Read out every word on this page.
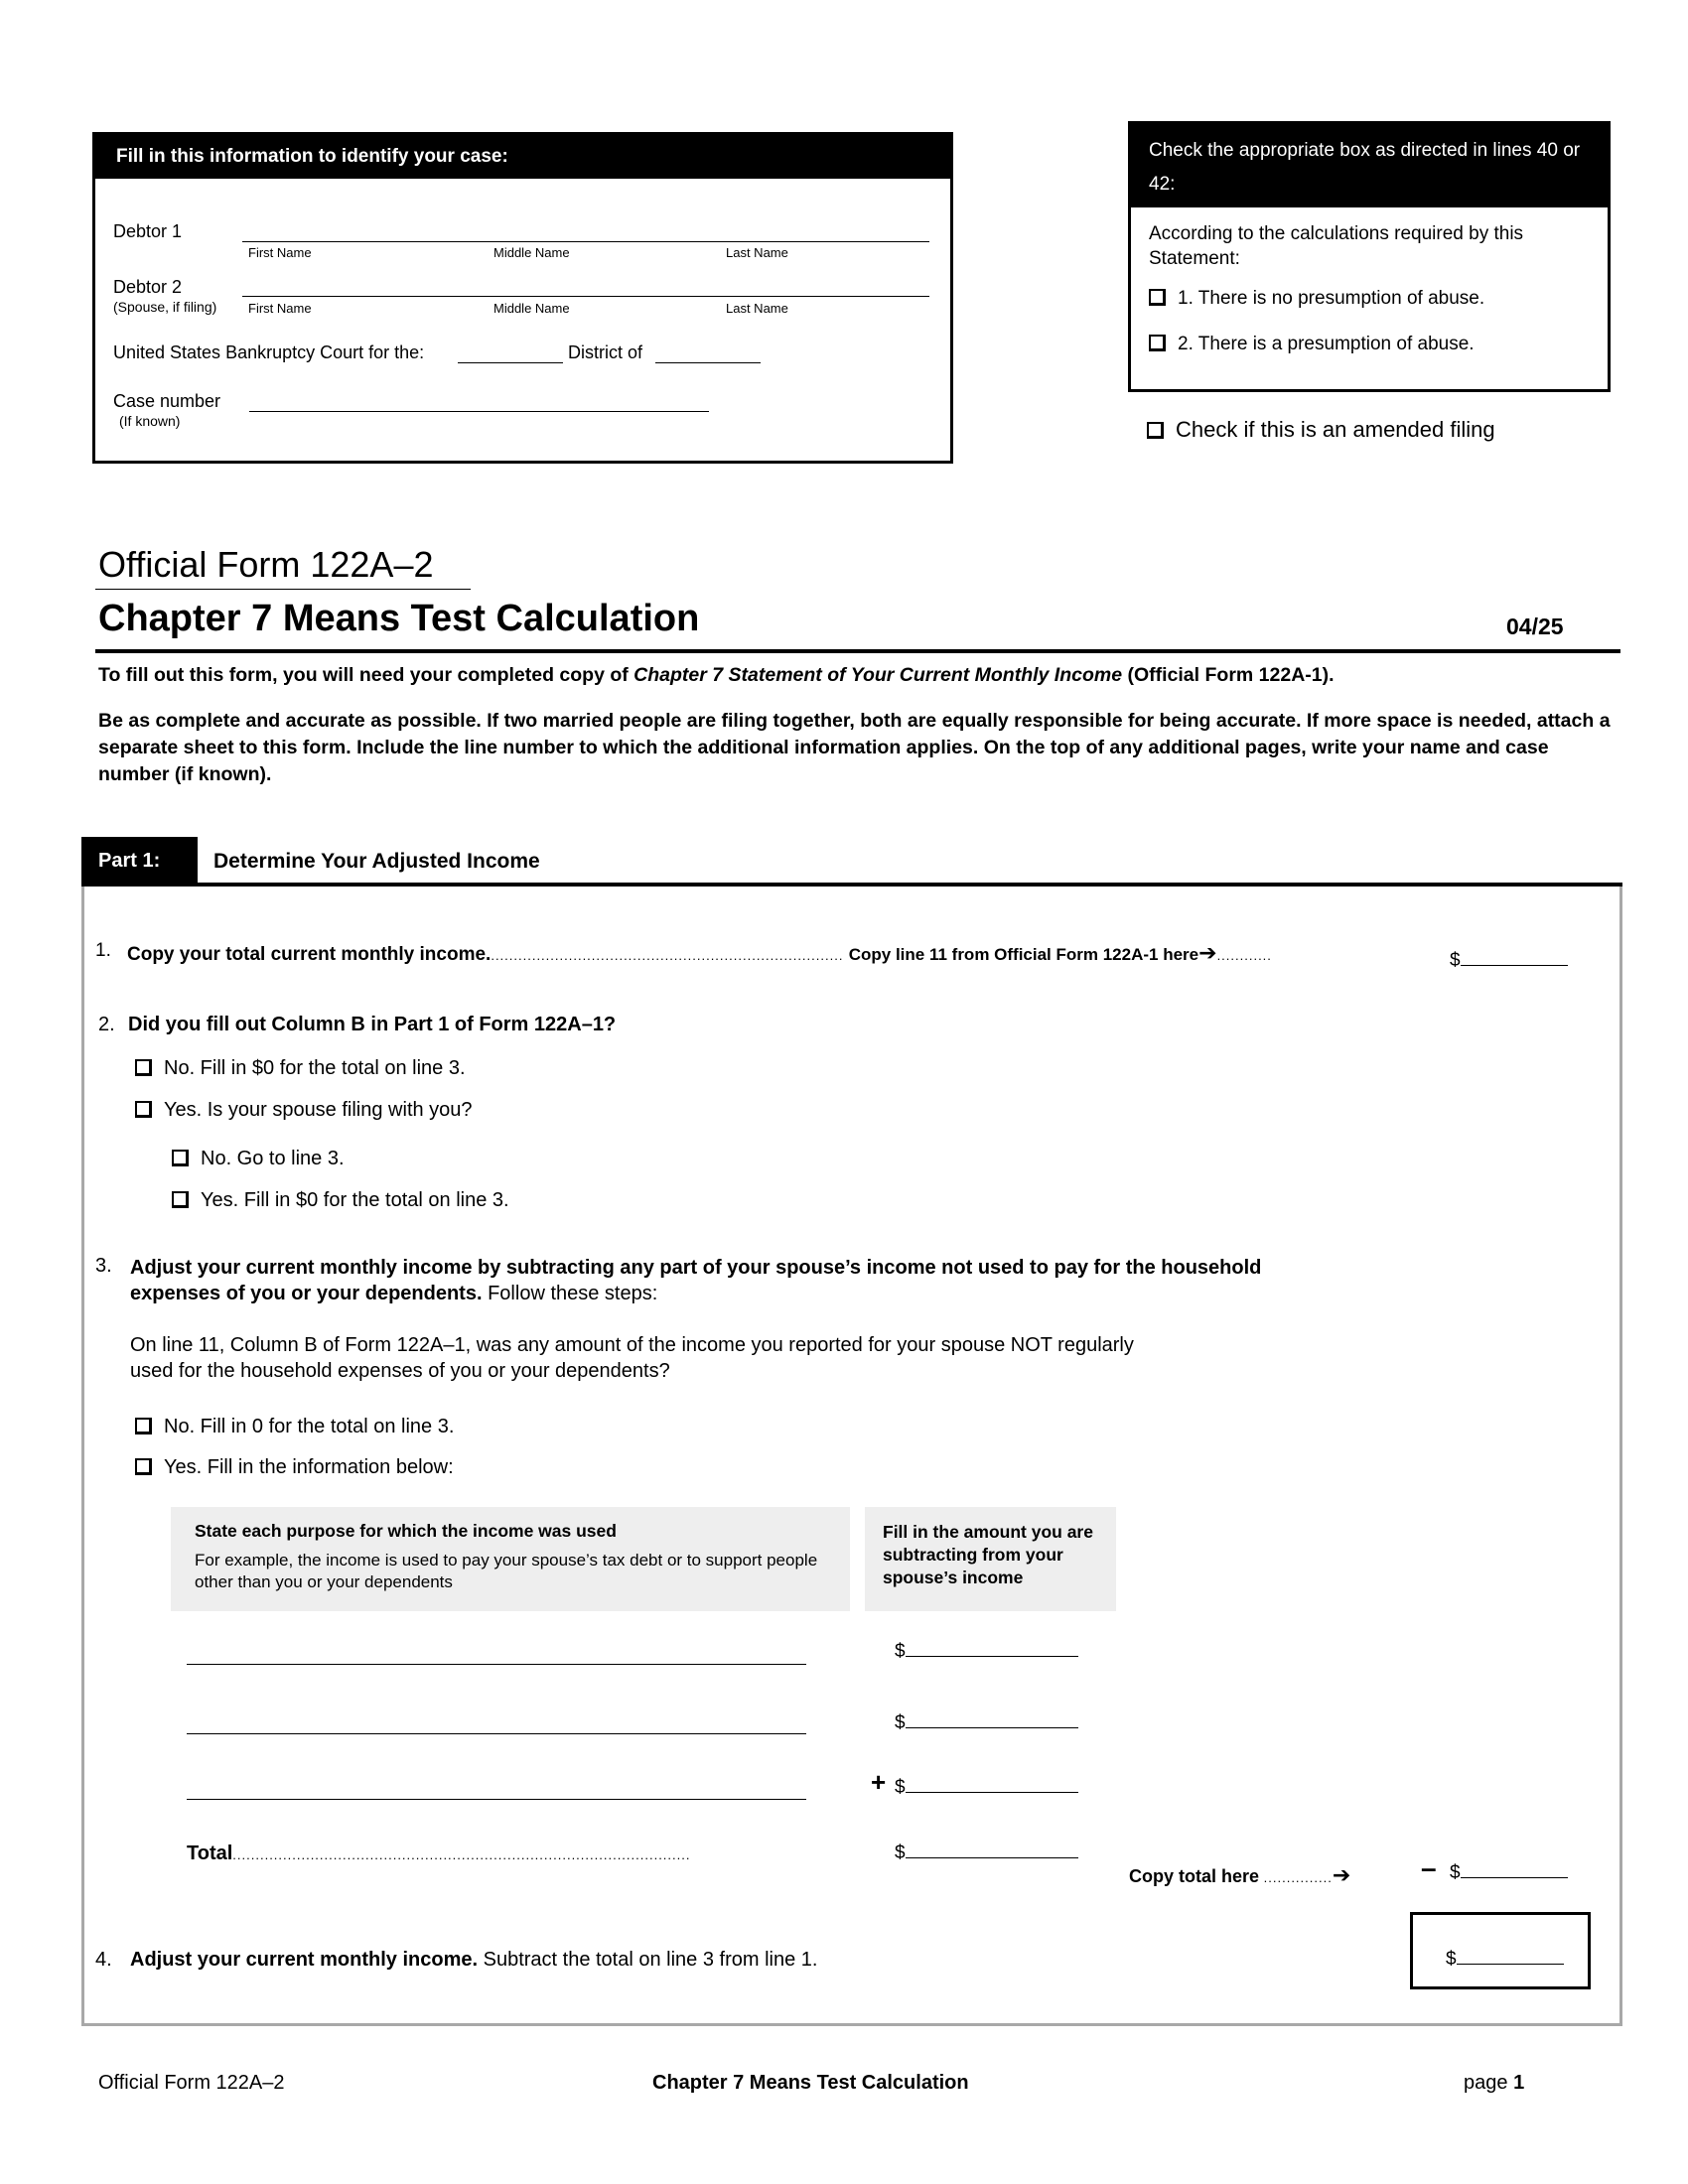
Fill in this information to identify your case:
Debtor 1
First Name	Middle Name	Last Name
Debtor 2
(Spouse, if filing) First Name	Middle Name	Last Name
United States Bankruptcy Court for the:	District of
Case number
(If known)
Check the appropriate box as directed in lines 40 or 42:
According to the calculations required by this Statement:
1. There is no presumption of abuse.
2. There is a presumption of abuse.
Check if this is an amended filing
Official Form 122A–2
Chapter 7 Means Test Calculation	04/25
To fill out this form, you will need your completed copy of Chapter 7 Statement of Your Current Monthly Income (Official Form 122A-1).
Be as complete and accurate as possible. If two married people are filing together, both are equally responsible for being accurate. If more space is needed, attach a separate sheet to this form. Include the line number to which the additional information applies. On the top of any additional pages, write your name and case number (if known).
Part 1:	Determine Your Adjusted Income
1. Copy your total current monthly income.............................................................................. Copy line 11 from Official Form 122A-1 here➔............	$
2. Did you fill out Column B in Part 1 of Form 122A–1?
No. Fill in $0 for the total on line 3.
Yes. Is your spouse filing with you?
No. Go to line 3.
Yes. Fill in $0 for the total on line 3.
3. Adjust your current monthly income by subtracting any part of your spouse’s income not used to pay for the household expenses of you or your dependents. Follow these steps:
On line 11, Column B of Form 122A–1, was any amount of the income you reported for your spouse NOT regularly used for the household expenses of you or your dependents?
No. Fill in 0 for the total on line 3.
Yes. Fill in the information below:
State each purpose for which the income was used
For example, the income is used to pay your spouse’s tax debt or to support people other than you or your dependents
Fill in the amount you are subtracting from your spouse’s income
$
$
+ $
Total....................................................................................................	$
Copy total here ...............➔	– $
4. Adjust your current monthly income. Subtract the total on line 3 from line 1.	$
Official Form 122A–2	Chapter 7 Means Test Calculation	page 1
